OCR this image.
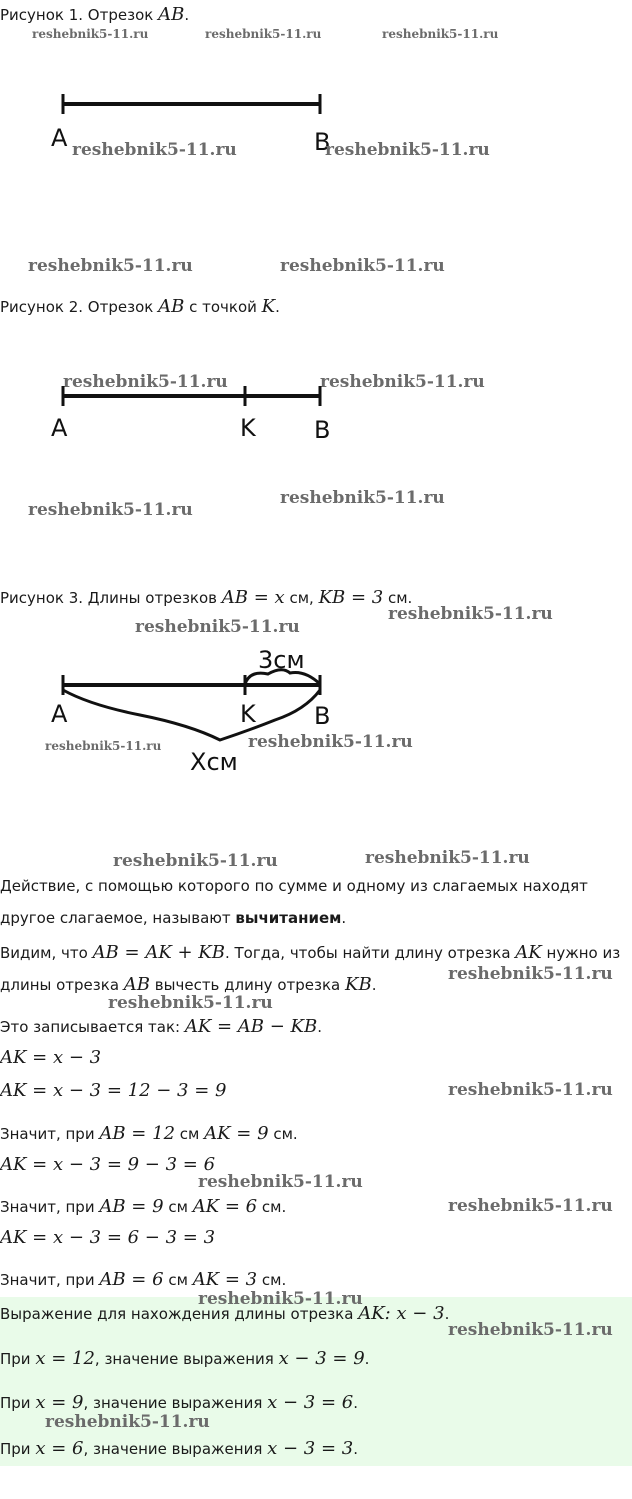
Рисунок 1. Отрезок AB.
reshebnik5-11.ru	reshebnik5-11.ru	reshebnik5-11.ru
A	B
reshebnik5-11.ru	reshebnik5-11.ru
reshebnik5-11.ru	reshebnik5-11.ru
Рисунок 2. Отрезок AB с точкой K.
reshebnik5-11.ru	reshebnik5-11.ru
A	K B
reshebnik5-11.ru
reshebnik5-11.ru
Рисунок 3. Длины отрезков AB = x см, KB = 3 см.
reshebnik5-11.ru
reshebnik5-11.ru
3см
A	K B
Хсм
reshebnik5-11.ru	reshebnik5-11.ru
reshebnik5-11.ru	reshebnik5-11.ru
Действие, с помощью которого по сумме и одному из слагаемых находят
другое слагаемое, называют вычитанием.
Видим, что AB = AK + KB. Тогда, чтобы найти длину отрезка AK нужно из
reshebnik5-11.ru
длины отрезка AB вычесть длину отрезка KB.
reshebnik5-11.ru
Это записывается так: AK = AB − KB.
AK = x − 3
AK = x − 3 = 12 − 3 = 9	reshebnik5-11.ru
Значит, при AB = 12 см AK = 9 см.
AK = x − 3 = 9 − 3 = 6
reshebnik5-11.ru
Значит, при AB = 9 см AK = 6 см.	reshebnik5-11.ru
AK = x − 3 = 6 − 3 = 3
Значит, при AB = 6 см AK = 3 см.
reshebnik5-11.ru
Выражение для нахождения длины отрезка AK: x − 3.
reshebnik5-11.ru
При x = 12, значение выражения x − 3 = 9.
При x = 9, значение выражения x − 3 = 6.
reshebnik5-11.ru
При x = 6, значение выражения x − 3 = 3.
